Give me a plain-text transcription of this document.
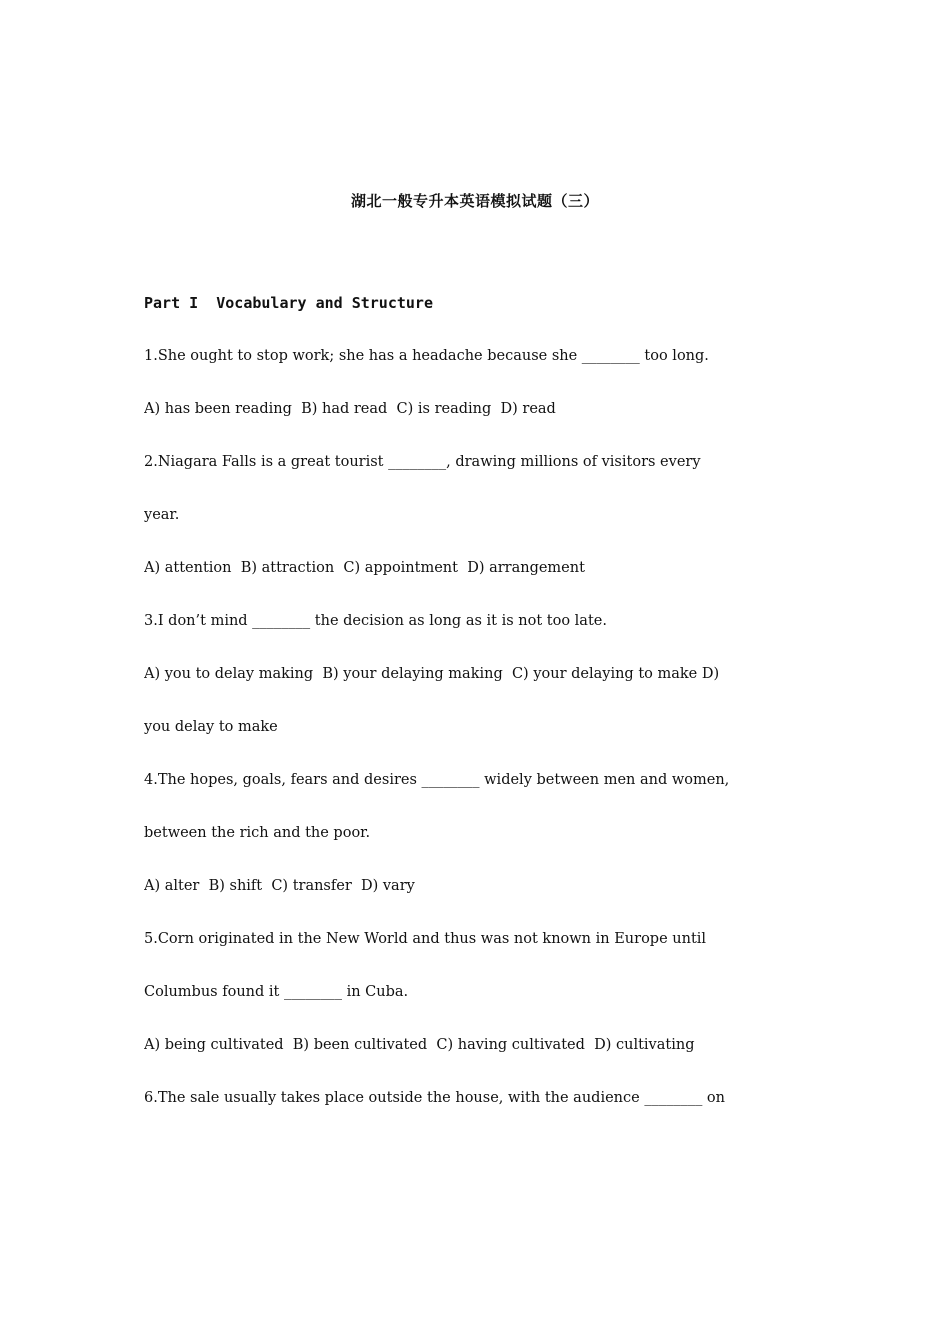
湖北一般专升本英语模拟试题（三）
Part I  Vocabulary and Structure
1.She ought to stop work; she has a headache because she ________ too long.
A) has been reading  B) had read  C) is reading  D) read
2.Niagara Falls is a great tourist ________, drawing millions of visitors every
year.
A) attention  B) attraction  C) appointment  D) arrangement
3.I don’t mind ________ the decision as long as it is not too late.
A) you to delay making  B) your delaying making  C) your delaying to make D)
you delay to make
4.The hopes, goals, fears and desires ________ widely between men and women,
between the rich and the poor.
A) alter  B) shift  C) transfer  D) vary
5.Corn originated in the New World and thus was not known in Europe until
Columbus found it ________ in Cuba.
A) being cultivated  B) been cultivated  C) having cultivated  D) cultivating
6.The sale usually takes place outside the house, with the audience ________ on
